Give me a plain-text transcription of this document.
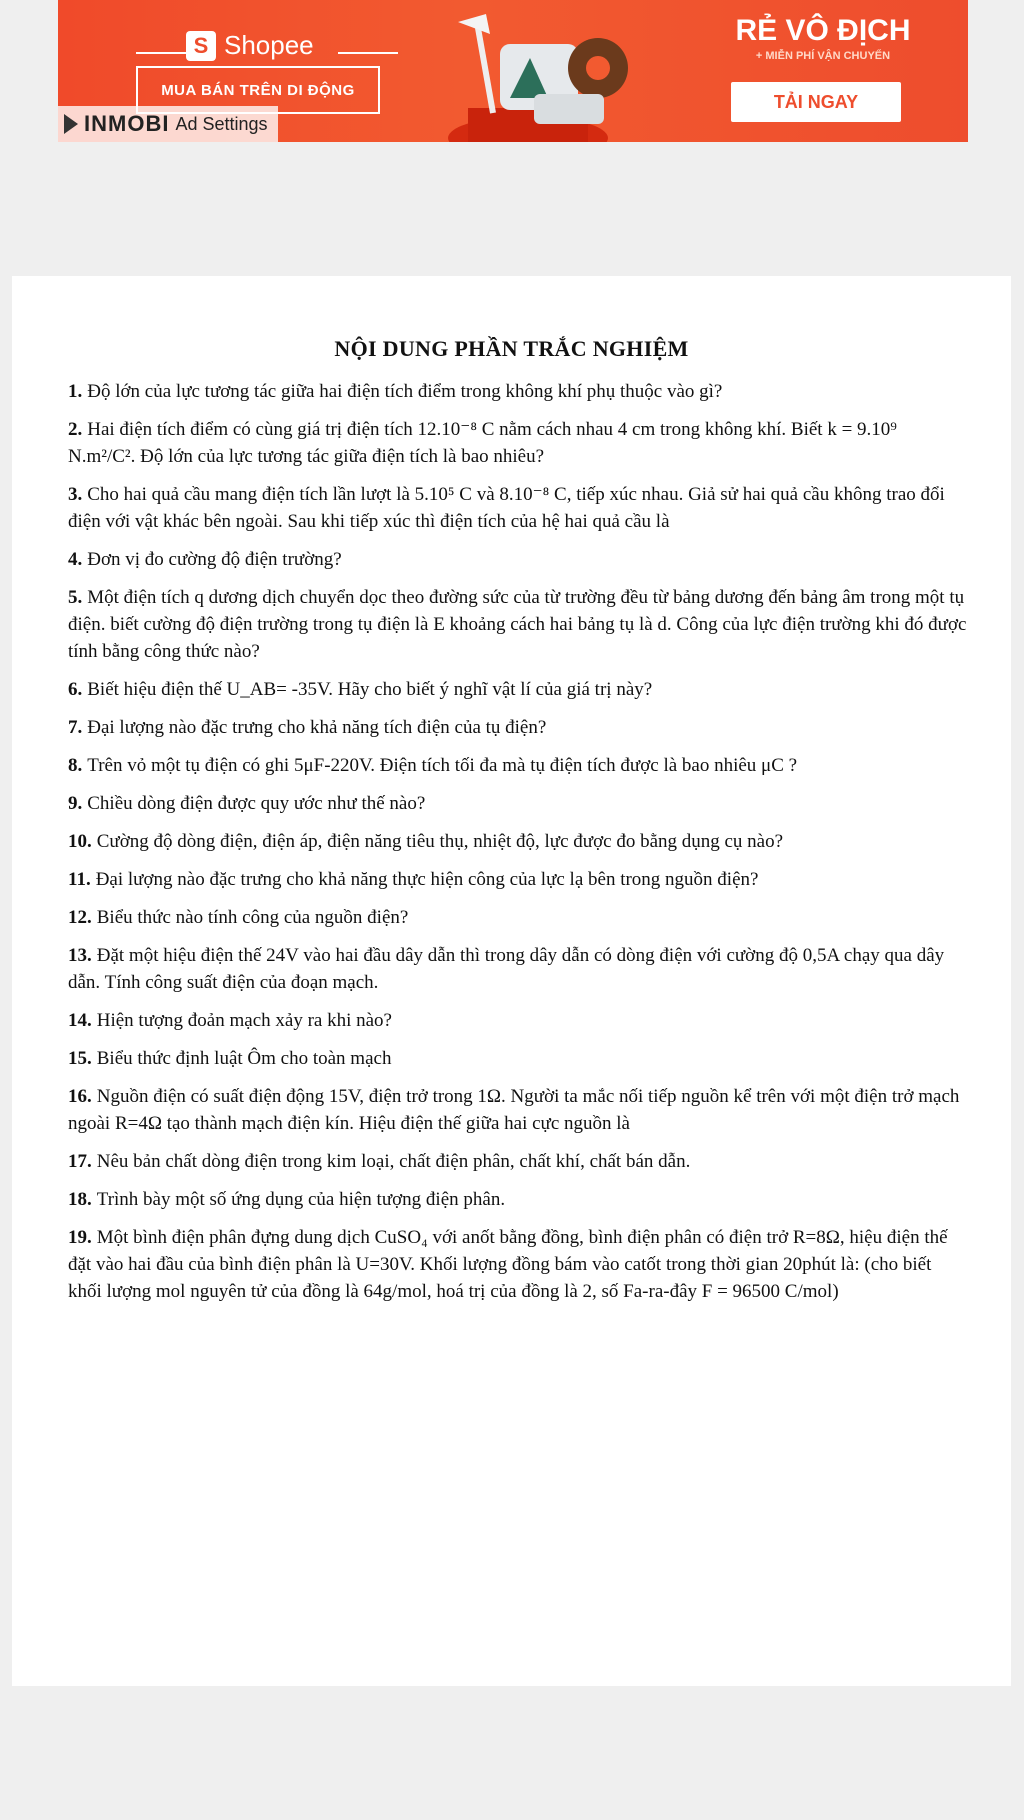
S Shopee
MUA BÁN TRÊN DI ĐỘNG
RẺ VÔ ĐỊCH
+ MIỄN PHÍ VẬN CHUYỂN
TẢI NGAY
INMOBI Ad Settings
NỘI DUNG PHẦN TRẮC NGHIỆM
1. Độ lớn của lực tương tác giữa hai điện tích điểm trong không khí phụ thuộc vào gì?
2. Hai điện tích điểm có cùng giá trị điện tích 12.10⁻⁸ C nằm cách nhau 4 cm trong không khí. Biết k = 9.10⁹ N.m²/C². Độ lớn của lực tương tác giữa điện tích là bao nhiêu?
3. Cho hai quả cầu mang điện tích lần lượt là 5.10⁵ C và 8.10⁻⁸ C, tiếp xúc nhau. Giả sử hai quả cầu không trao đổi điện với vật khác bên ngoài. Sau khi tiếp xúc thì điện tích của hệ hai quả cầu là
4. Đơn vị đo cường độ điện trường?
5. Một điện tích q dương dịch chuyển dọc theo đường sức của từ trường đều từ bảng dương đến bảng âm trong một tụ điện. biết cường độ điện trường trong tụ điện là E khoảng cách hai bảng tụ là d. Công của lực điện trường khi đó được tính bằng công thức nào?
6. Biết hiệu điện thế U_AB= -35V. Hãy cho biết ý nghĩ vật lí của giá trị này?
7. Đại lượng nào đặc trưng cho khả năng tích điện của tụ điện?
8. Trên vỏ một tụ điện có ghi 5μF-220V. Điện tích tối đa mà tụ điện tích được là bao nhiêu μC ?
9. Chiều dòng điện được quy ước như thế nào?
10. Cường độ dòng điện, điện áp, điện năng tiêu thụ, nhiệt độ, lực được đo bằng dụng cụ nào?
11. Đại lượng nào đặc trưng cho khả năng thực hiện công của lực lạ bên trong nguồn điện?
12. Biểu thức nào tính công của nguồn điện?
13. Đặt một hiệu điện thế 24V vào hai đầu dây dẫn thì trong dây dẫn có dòng điện với cường độ 0,5A chạy qua dây dẫn. Tính công suất điện của đoạn mạch.
14. Hiện tượng đoản mạch xảy ra khi nào?
15. Biểu thức định luật Ôm cho toàn mạch
16. Nguồn điện có suất điện động 15V, điện trở trong 1Ω. Người ta mắc nối tiếp nguồn kể trên với một điện trở mạch ngoài R=4Ω tạo thành mạch điện kín. Hiệu điện thế giữa hai cực nguồn là
17. Nêu bản chất dòng điện trong kim loại, chất điện phân, chất khí, chất bán dẫn.
18. Trình bày một số ứng dụng của hiện tượng điện phân.
19. Một bình điện phân đựng dung dịch CuSO₄ với anốt bằng đồng, bình điện phân có điện trở R=8Ω, hiệu điện thế đặt vào hai đầu của bình điện phân là U=30V. Khối lượng đồng bám vào catốt trong thời gian 20phút là: (cho biết khối lượng mol nguyên tử của đồng là 64g/mol, hoá trị của đồng là 2, số Fa-ra-đây F = 96500 C/mol)
